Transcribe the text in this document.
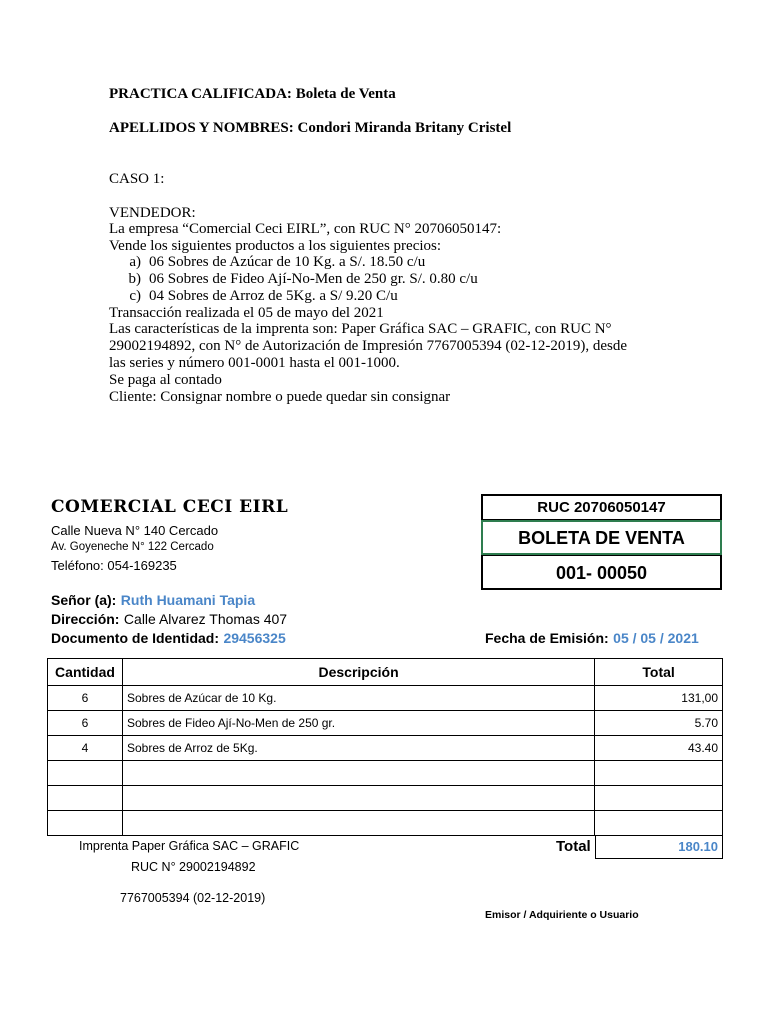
PRACTICA CALIFICADA: Boleta de Venta
APELLIDOS Y NOMBRES: Condori Miranda Britany Cristel
CASO 1:
VENDEDOR:
La empresa “Comercial Ceci EIRL”, con RUC N° 20706050147:
Vende los siguientes productos a los siguientes precios:
a) 06 Sobres de Azúcar de 10 Kg. a S/. 18.50 c/u
b) 06 Sobres de Fideo Ají-No-Men de 250 gr. S/. 0.80 c/u
c) 04 Sobres de Arroz de 5Kg. a S/ 9.20 C/u
Transacción realizada el 05 de mayo del 2021
Las características de la imprenta son: Paper Gráfica SAC – GRAFIC, con RUC N°
29002194892, con N° de Autorización de Impresión 7767005394 (02-12-2019), desde
las series y número 001-0001 hasta el 001-1000.
Se paga al contado
Cliente: Consignar nombre o puede quedar sin consignar
COMERCIAL CECI EIRL
Calle Nueva N° 140 Cercado
Av. Goyeneche N° 122 Cercado
Teléfono: 054-169235
RUC 20706050147
BOLETA DE VENTA
001- 00050
Señor (a): Ruth Huamani Tapia
Dirección: Calle Alvarez Thomas 407
Documento de Identidad: 29456325	Fecha de Emisión: 05 / 05 / 2021
Cantidad	Descripción	Total
6	Sobres de Azúcar de 10 Kg.	131,00
6	Sobres de Fideo Ají-No-Men de 250 gr.	5.70
4	Sobres de Arroz de 5Kg.	43.40

Imprenta Paper Gráfica SAC – GRAFIC
RUC N° 29002194892
7767005394 (02-12-2019)
Total	180.10
Emisor / Adquiriente o Usuario
